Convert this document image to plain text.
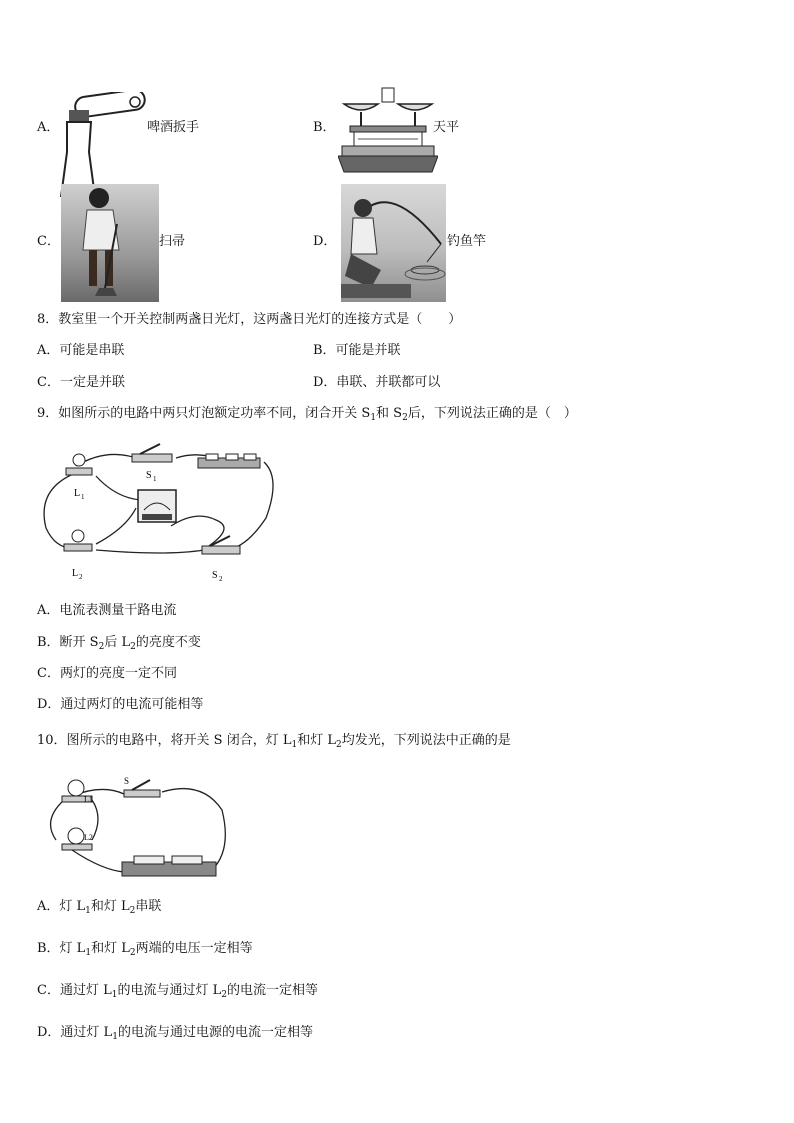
A．	啤酒扳手	B．	天平
C．	扫帚	D．	钓鱼竿
8．教室里一个开关控制两盏日光灯，这两盏日光灯的连接方式是（　　）
A．可能是串联	B．可能是并联
C．一定是并联	D．串联、并联都可以
9．如图所示的电路中两只灯泡额定功率不同，闭合开关 $S_1$和 $S_2$后，下列说法正确的是（　）
L 1
S 1
L 2	S 2
A．电流表测量干路电流
B．断开 $S_2$后 $L_2$的亮度不变
C．两灯的亮度一定不同
D．通过两灯的电流可能相等
10．图所示的电路中，将开关 S 闭合，灯 $L_1$和灯 $L_2$均发光，下列说法中正确的是
L1
L2
S
A．灯 $L_1$和灯 $L_2$串联
B．灯 $L_1$和灯 $L_2$两端的电压一定相等
C．通过灯 $L_1$的电流与通过灯 $L_2$的电流一定相等
D．通过灯 $L_1$的电流与通过电源的电流一定相等
